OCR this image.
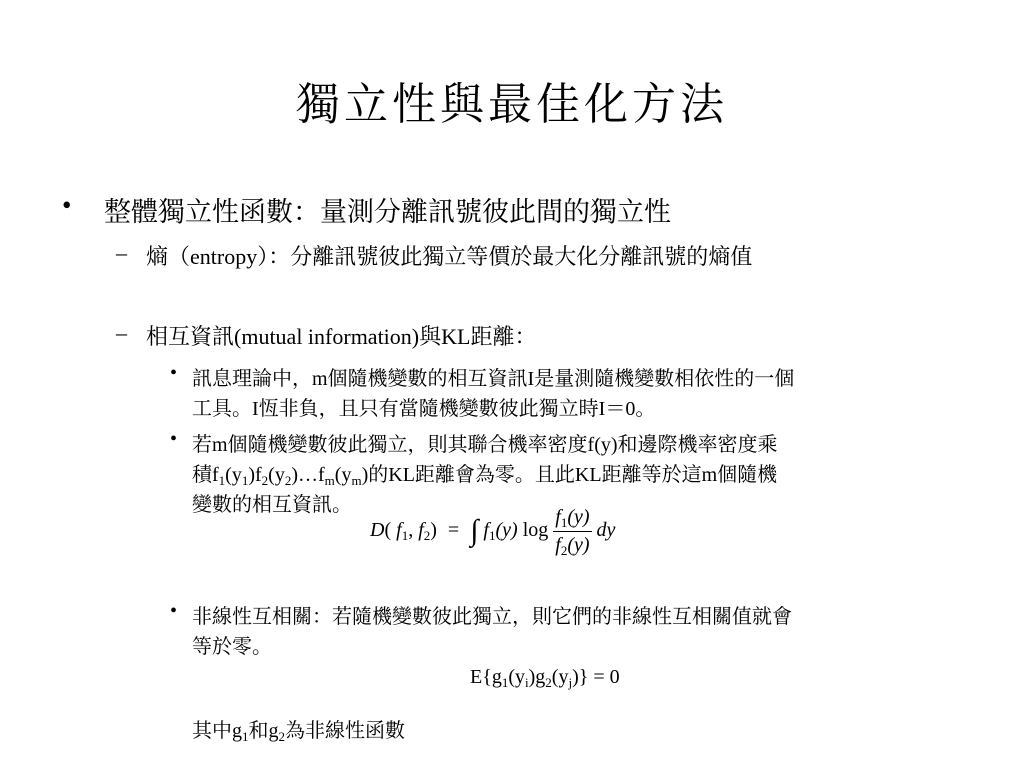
獨立性與最佳化方法
• 整體獨立性函數：量測分離訊號彼此間的獨立性
– 熵（entropy）：分離訊號彼此獨立等價於最大化分離訊號的熵值
– 相互資訊(mutual information)與KL距離：
• 訊息理論中，m個隨機變數的相互資訊I是量測隨機變數相依性的一個
工具。I恆非負，且只有當隨機變數彼此獨立時I＝0。
• 若m個隨機變數彼此獨立，則其聯合機率密度f(y)和邊際機率密度乘
積$f_1(y_1)f_2(y_2)\dots f_m(y_m)$的KL距離會為零。且此KL距離等於這m個隨機
變數的相互資訊。
D( $f_1$, $f_2$) = ∫ $f_1(y)$ $\log \frac{f_1(y)}{f_2(y)}$ dy
• 非線性互相關：若隨機變數彼此獨立，則它們的非線性互相關值就會
等於零。
$E\{g_1(y_i)g_2(y_j)\} = 0$
其中$g_1$和$g_2$為非線性函數
